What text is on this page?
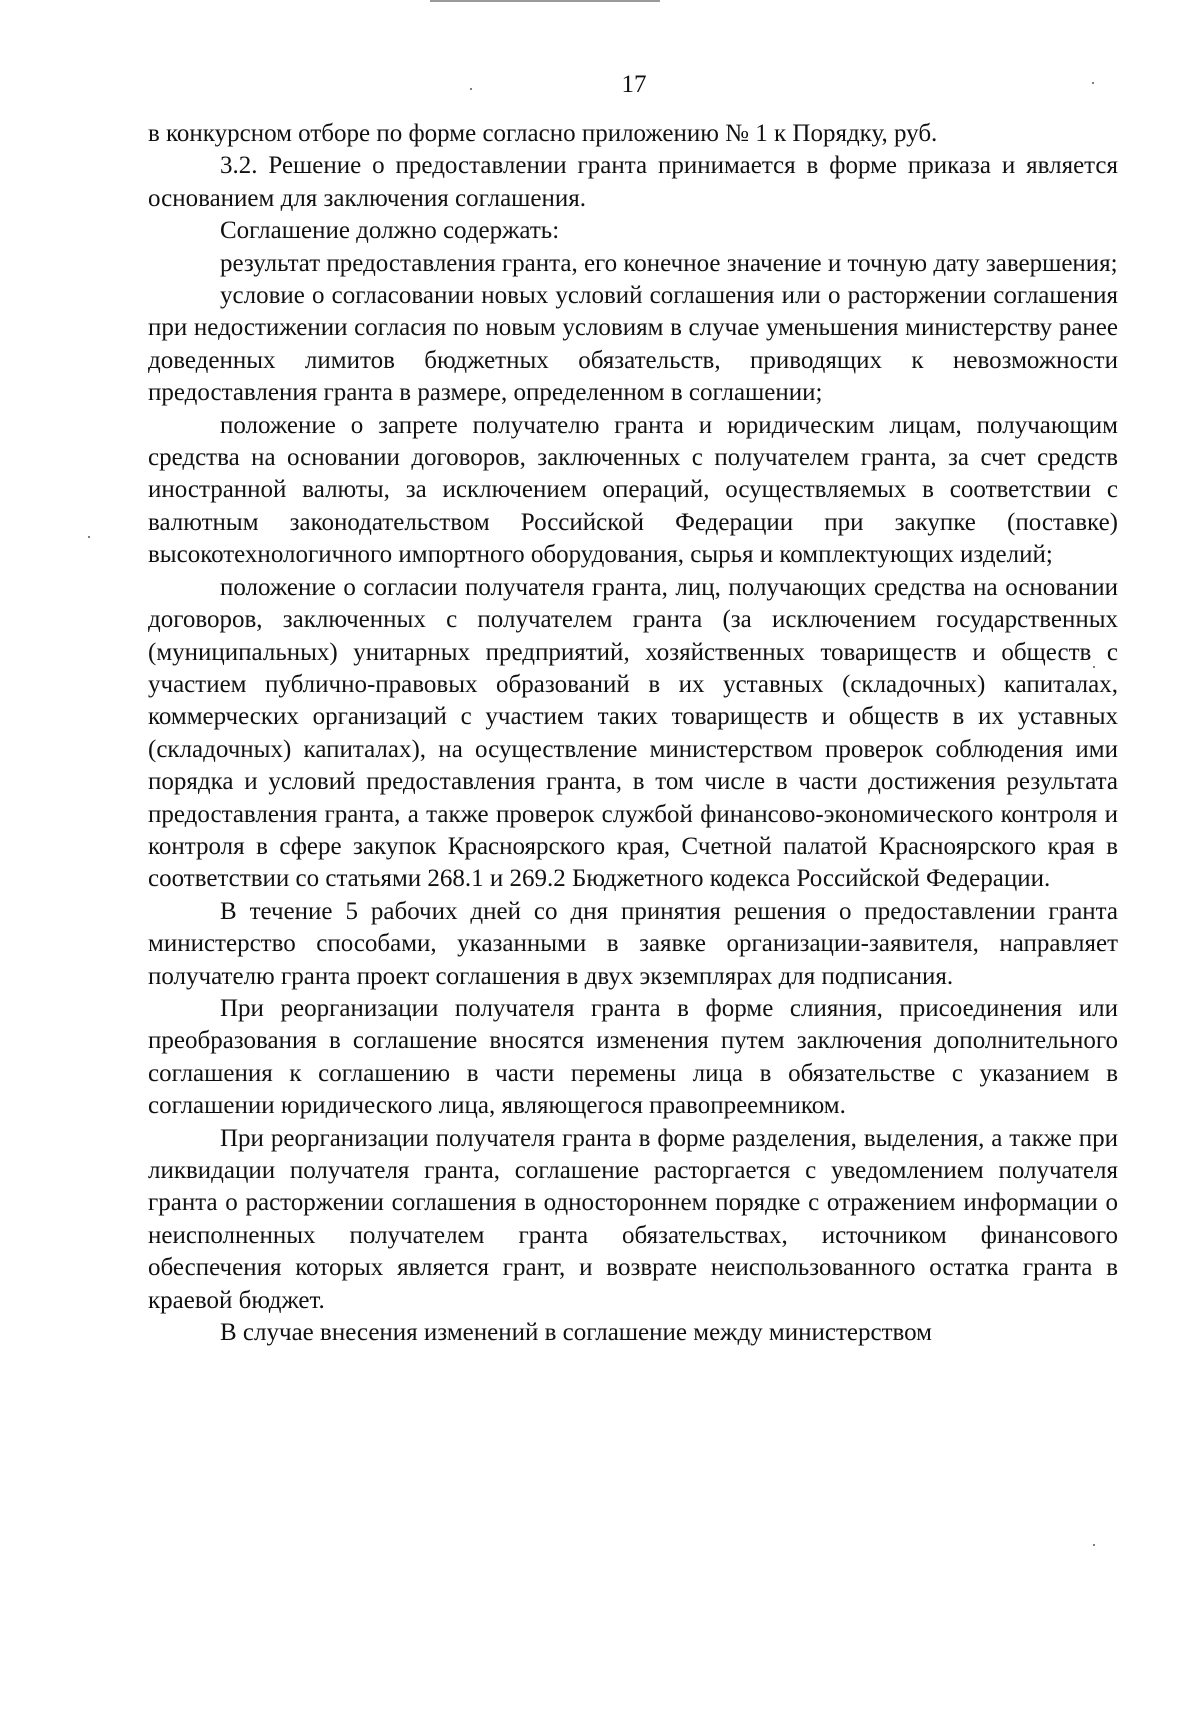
17

в конкурсном отборе по форме согласно приложению № 1 к Порядку, руб.

3.2. Решение о предоставлении гранта принимается в форме приказа и является основанием для заключения соглашения.

Соглашение должно содержать:

результат предоставления гранта, его конечное значение и точную дату завершения;

условие о согласовании новых условий соглашения или о расторжении соглашения при недостижении согласия по новым условиям в случае уменьшения министерству ранее доведенных лимитов бюджетных обязательств, приводящих к невозможности предоставления гранта в размере, определенном в соглашении;

положение о запрете получателю гранта и юридическим лицам, получающим средства на основании договоров, заключенных с получателем гранта, за счет средств иностранной валюты, за исключением операций, осуществляемых в соответствии с валютным законодательством Российской Федерации при закупке (поставке) высокотехнологичного импортного оборудования, сырья и комплектующих изделий;

положение о согласии получателя гранта, лиц, получающих средства на основании договоров, заключенных с получателем гранта (за исключением государственных (муниципальных) унитарных предприятий, хозяйственных товариществ и обществ с участием публично-правовых образований в их уставных (складочных) капиталах, коммерческих организаций с участием таких товариществ и обществ в их уставных (складочных) капиталах), на осуществление министерством проверок соблюдения ими порядка и условий предоставления гранта, в том числе в части достижения результата предоставления гранта, а также проверок службой финансово-экономического контроля и контроля в сфере закупок Красноярского края, Счетной палатой Красноярского края в соответствии со статьями 268.1 и 269.2 Бюджетного кодекса Российской Федерации.

В течение 5 рабочих дней со дня принятия решения о предоставлении гранта министерство способами, указанными в заявке организации-заявителя, направляет получателю гранта проект соглашения в двух экземплярах для подписания.

При реорганизации получателя гранта в форме слияния, присоединения или преобразования в соглашение вносятся изменения путем заключения дополнительного соглашения к соглашению в части перемены лица в обязательстве с указанием в соглашении юридического лица, являющегося правопреемником.

При реорганизации получателя гранта в форме разделения, выделения, а также при ликвидации получателя гранта, соглашение расторгается с уведомлением получателя гранта о расторжении соглашения в одностороннем порядке с отражением информации о неисполненных получателем гранта обязательствах, источником финансового обеспечения которых является грант, и возврате неиспользованного остатка гранта в краевой бюджет.

В случае внесения изменений в соглашение между министерством
